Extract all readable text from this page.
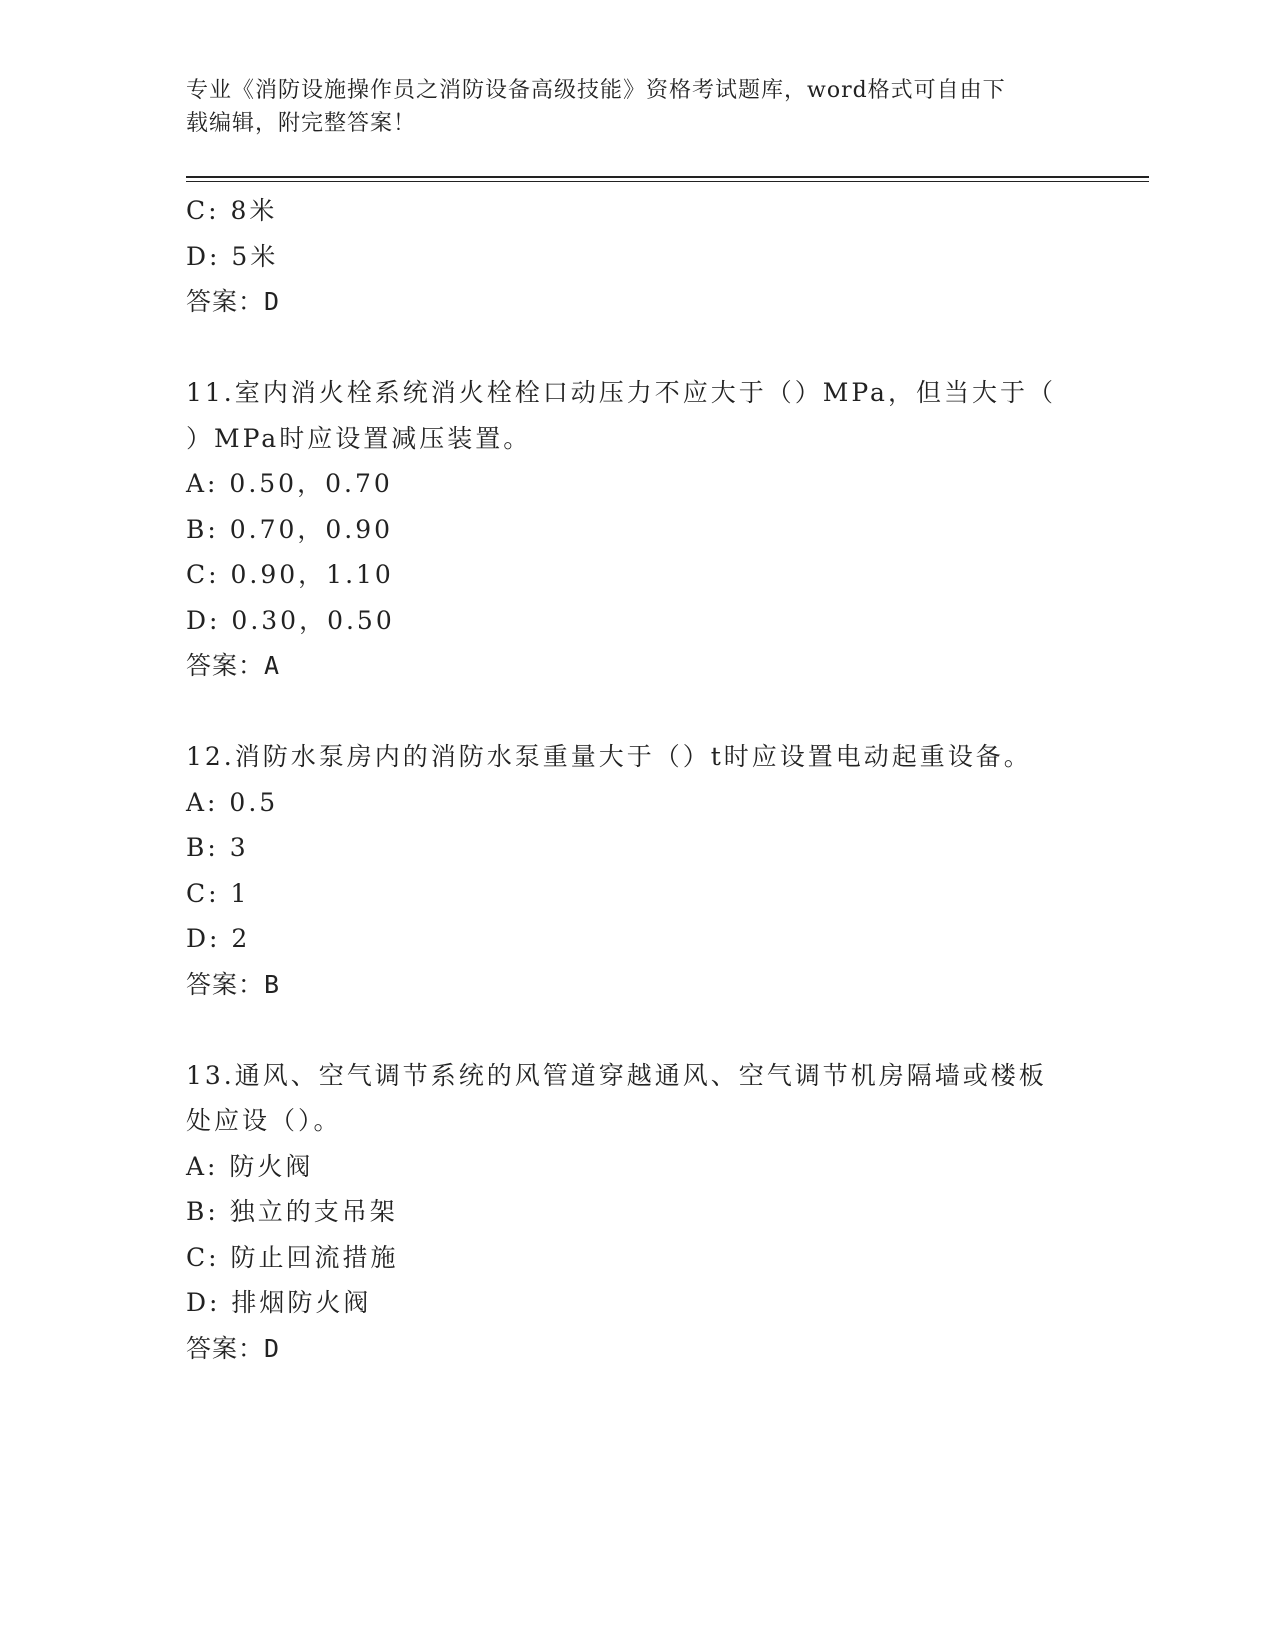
专业《消防设施操作员之消防设备高级技能》资格考试题库，word格式可自由下
载编辑，附完整答案！
C: 8米
D: 5米
答案：D
11.室内消火栓系统消火栓栓口动压力不应大于（）MPa，但当大于（
）MPa时应设置减压装置。
A: 0.50，0.70
B: 0.70，0.90
C: 0.90，1.10
D: 0.30，0.50
答案：A
12.消防水泵房内的消防水泵重量大于（）t时应设置电动起重设备。
A: 0.5
B: 3
C: 1
D: 2
答案：B
13.通风、空气调节系统的风管道穿越通风、空气调节机房隔墙或楼板
处应设（）。
A: 防火阀
B: 独立的支吊架
C: 防止回流措施
D: 排烟防火阀
答案：D
